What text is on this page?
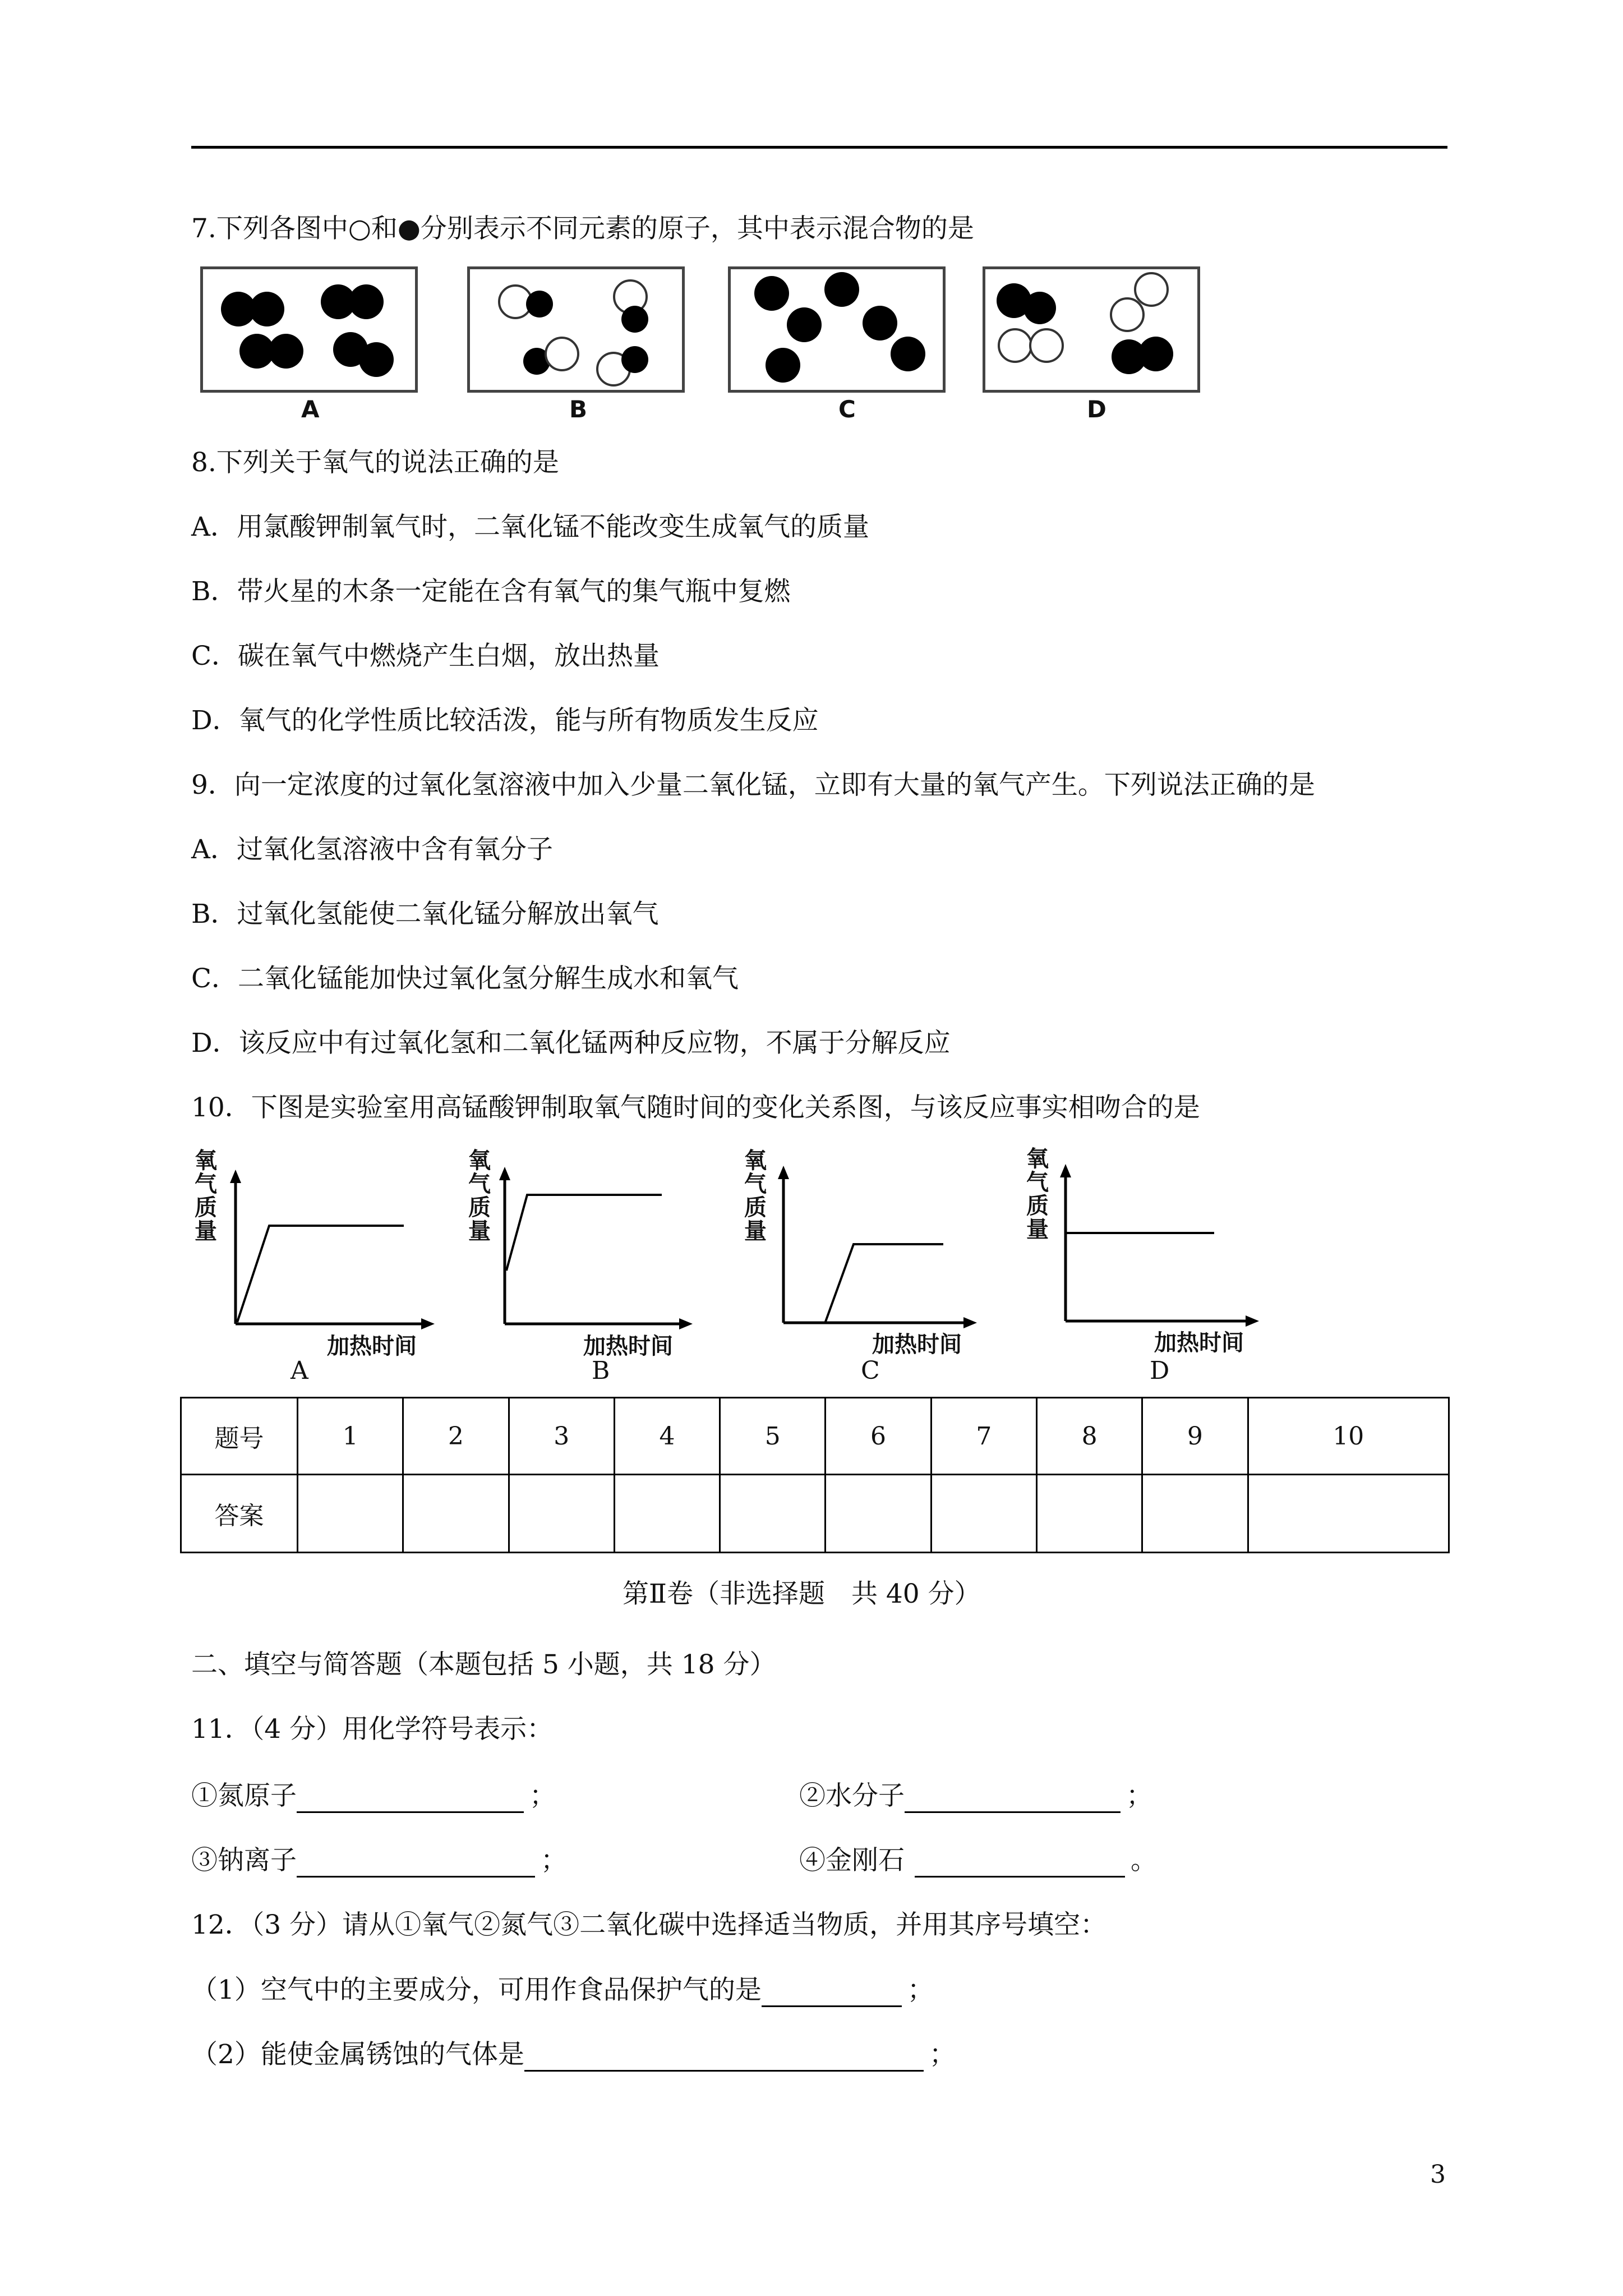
7.下列各图中○和●分别表示不同元素的原子，其中表示混合物的是
A	B	C	D
8.下列关于氧气的说法正确的是
A．用氯酸钾制氧气时，二氧化锰不能改变生成氧气的质量
B．带火星的木条一定能在含有氧气的集气瓶中复燃
C．碳在氧气中燃烧产生白烟，放出热量
D．氧气的化学性质比较活泼，能与所有物质发生反应
9．向一定浓度的过氧化氢溶液中加入少量二氧化锰，立即有大量的氧气产生。下列说法正确的是
A．过氧化氢溶液中含有氧分子
B．过氧化氢能使二氧化锰分解放出氧气
C．二氧化锰能加快过氧化氢分解生成水和氧气
D．该反应中有过氧化氢和二氧化锰两种反应物，不属于分解反应
10．下图是实验室用高锰酸钾制取氧气随时间的变化关系图，与该反应事实相吻合的是
氧
气
质
量
加热时间
A
氧
气
质
量
加热时间
B
氧
气
质
量
加热时间
C
氧
气
质
量
加热时间
D
题号	1	2	3	4	5	6	7	8	9	10
答案										
第Ⅱ卷（非选择题　共 40 分）
二、填空与简答题（本题包括 5 小题，共 18 分）
11．（4 分）用化学符号表示：
①氮原子	；	②水分子	；
③钠离子	；	④金刚石	。
12．（3 分）请从①氧气②氮气③二氧化碳中选择适当物质，并用其序号填空：
（1）空气中的主要成分，可用作食品保护气的是	；
（2）能使金属锈蚀的气体是	；
3
